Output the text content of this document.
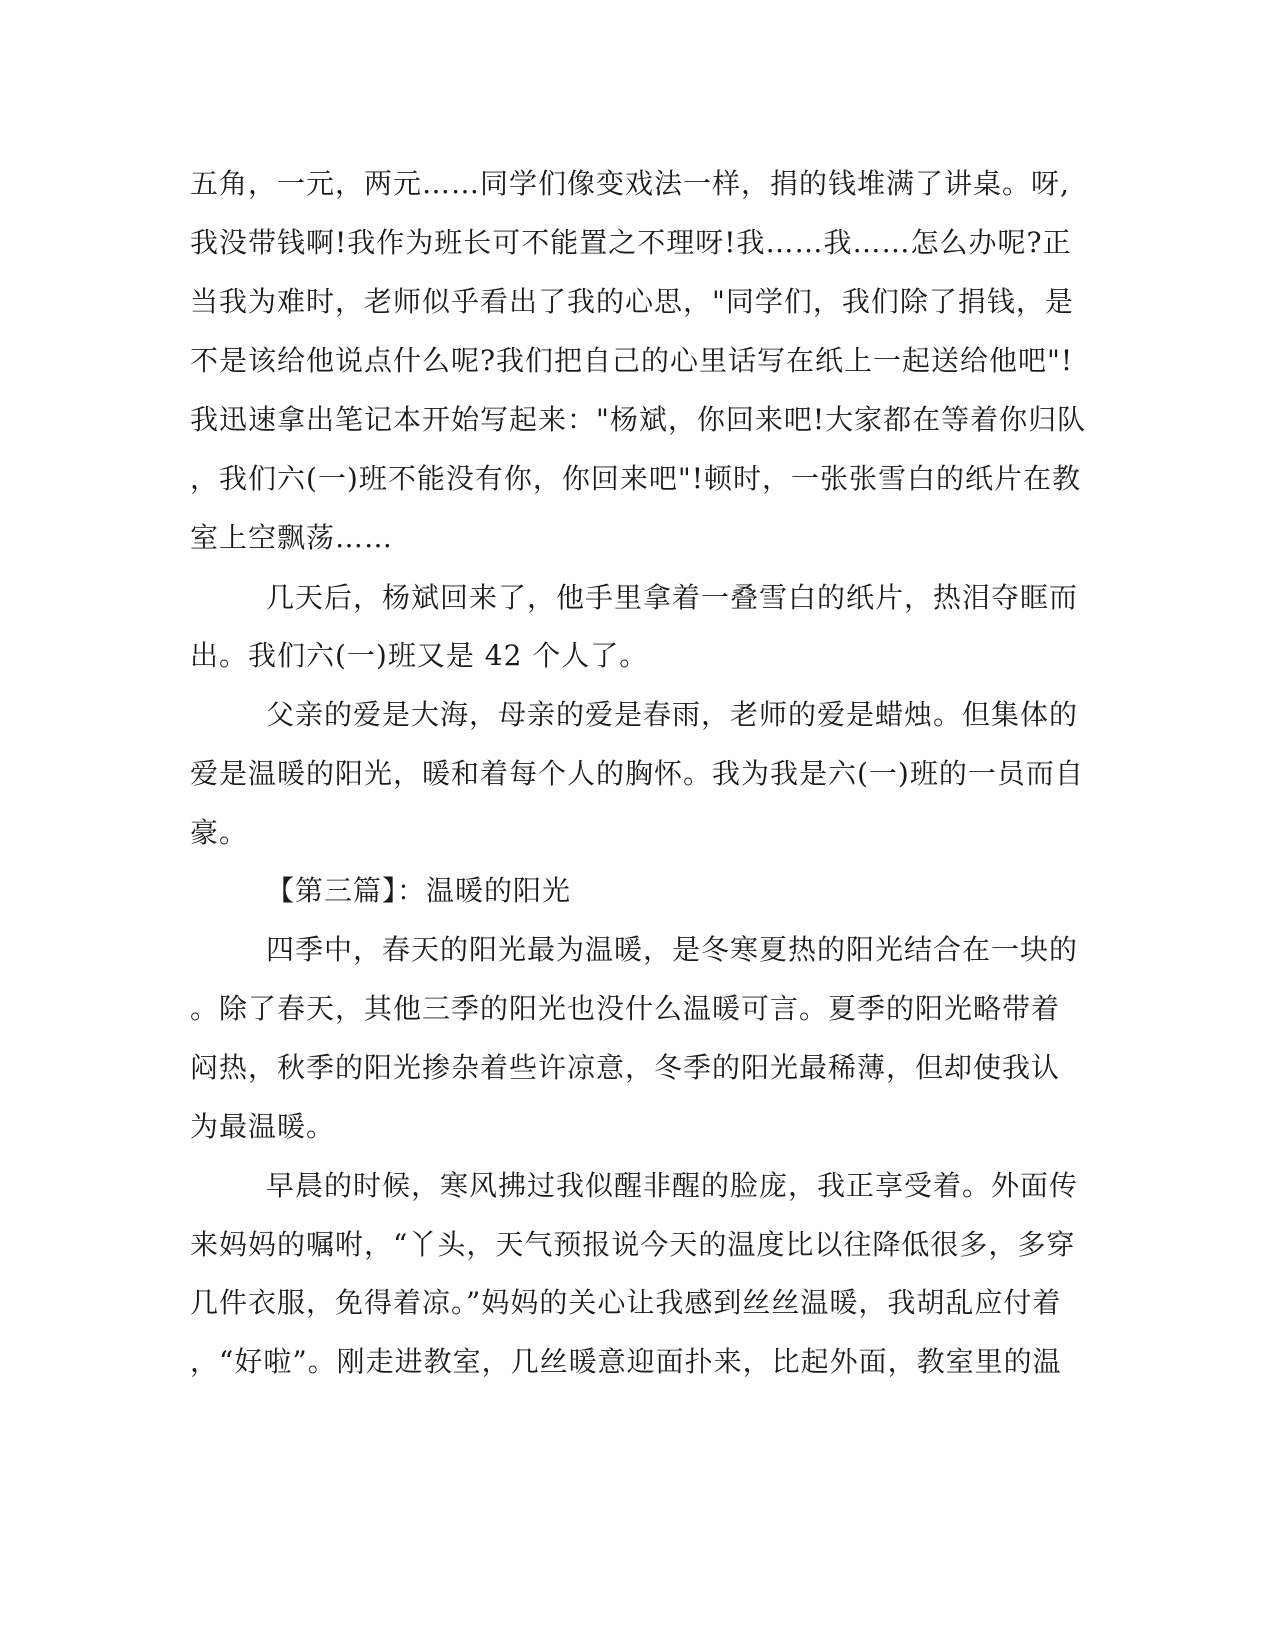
五角，一元，两元……同学们像变戏法一样，捐的钱堆满了讲桌。呀,
我没带钱啊!我作为班长可不能置之不理呀!我……我……怎么办呢?正
当我为难时，老师似乎看出了我的心思，"同学们，我们除了捐钱，是
不是该给他说点什么呢?我们把自己的心里话写在纸上一起送给他吧"!
我迅速拿出笔记本开始写起来："杨斌，你回来吧!大家都在等着你归队
，我们六(一)班不能没有你，你回来吧"!顿时，一张张雪白的纸片在教
室上空飘荡……
几天后，杨斌回来了，他手里拿着一叠雪白的纸片，热泪夺眶而
出。我们六(一)班又是 42 个人了。
父亲的爱是大海，母亲的爱是春雨，老师的爱是蜡烛。但集体的
爱是温暖的阳光，暖和着每个人的胸怀。我为我是六(一)班的一员而自
豪。
【第三篇】：温暖的阳光
四季中，春天的阳光最为温暖，是冬寒夏热的阳光结合在一块的
。除了春天，其他三季的阳光也没什么温暖可言。夏季的阳光略带着
闷热，秋季的阳光掺杂着些许凉意，冬季的阳光最稀薄，但却使我认
为最温暖。
早晨的时候，寒风拂过我似醒非醒的脸庞，我正享受着。外面传
来妈妈的嘱咐，“丫头，天气预报说今天的温度比以往降低很多，多穿
几件衣服，免得着凉。”妈妈的关心让我感到丝丝温暖，我胡乱应付着
，“好啦”。刚走进教室，几丝暖意迎面扑来，比起外面，教室里的温
